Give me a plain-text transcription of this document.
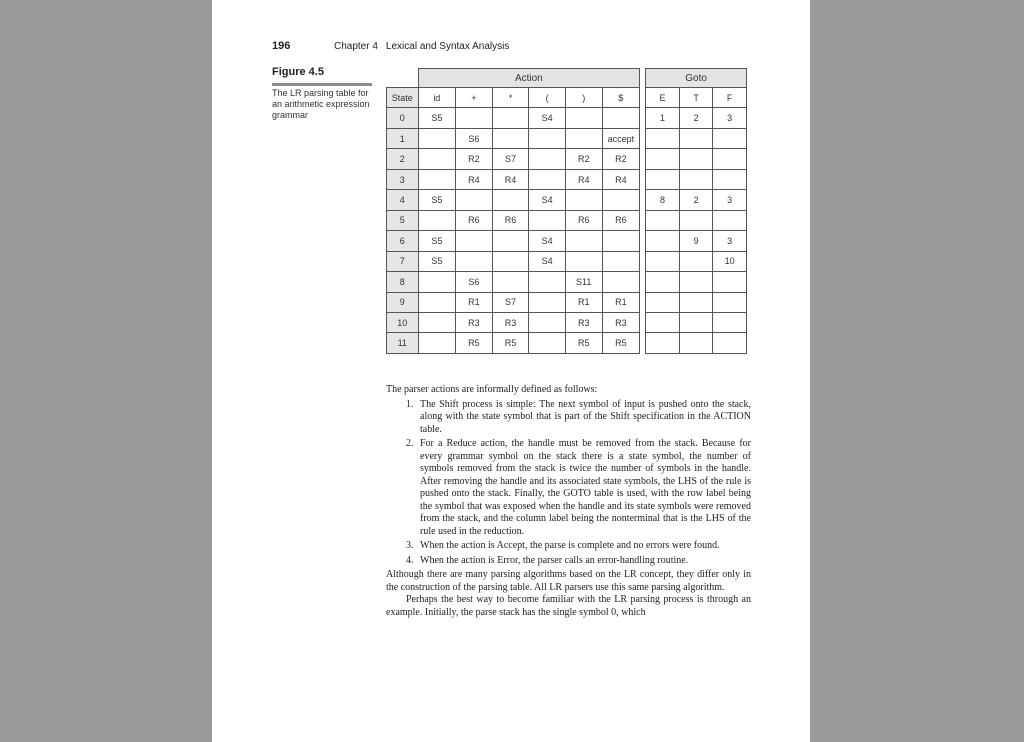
196	Chapter 4 Lexical and Syntax Analysis
Figure 4.5
The LR parsing table for an arithmetic expression grammar
	Action							Goto		
State	id	+	*	(	)	$		E	T	F
0	S5			S4				1	2	3
1		S6				accept				
2		R2	S7		R2	R2				
3		R4	R4		R4	R4				
4	S5			S4				8	2	3
5		R6	R6		R6	R6				
6	S5			S4					9	3
7	S5			S4						10
8		S6			S11					
9		R1	S7		R1	R1				
10		R3	R3		R3	R3				
11		R5	R5		R5	R5				

The parser actions are informally defined as follows:

1. The Shift process is simple: The next symbol of input is pushed onto the stack, along with the state symbol that is part of the Shift specification in the ACTION table.
2. For a Reduce action, the handle must be removed from the stack. Because for every grammar symbol on the stack there is a state symbol, the number of symbols removed from the stack is twice the number of symbols in the handle. After removing the handle and its associated state symbols, the LHS of the rule is pushed onto the stack. Finally, the GOTO table is used, with the row label being the symbol that was exposed when the handle and its state symbols were removed from the stack, and the column label being the nonterminal that is the LHS of the rule used in the reduction.
3. When the action is Accept, the parse is complete and no errors were found.
4. When the action is Error, the parser calls an error-handling routine.

Although there are many parsing algorithms based on the LR concept, they differ only in the construction of the parsing table. All LR parsers use this same parsing algorithm.

Perhaps the best way to become familiar with the LR parsing process is through an example. Initially, the parse stack has the single symbol 0, which
